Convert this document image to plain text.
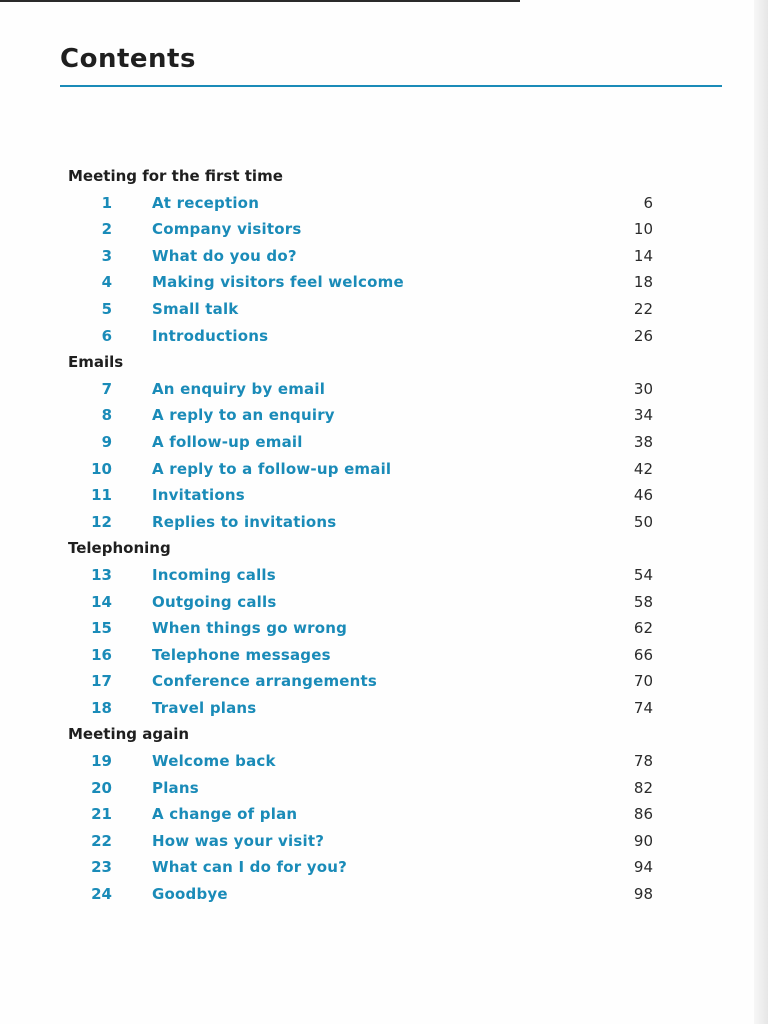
Contents
Meeting for the first time
1	At reception	6
2	Company visitors	10
3	What do you do?	14
4	Making visitors feel welcome	18
5	Small talk	22
6	Introductions	26
Emails
7	An enquiry by email	30
8	A reply to an enquiry	34
9	A follow-up email	38
10	A reply to a follow-up email	42
11	Invitations	46
12	Replies to invitations	50
Telephoning
13	Incoming calls	54
14	Outgoing calls	58
15	When things go wrong	62
16	Telephone messages	66
17	Conference arrangements	70
18	Travel plans	74
Meeting again
19	Welcome back	78
20	Plans	82
21	A change of plan	86
22	How was your visit?	90
23	What can I do for you?	94
24	Goodbye	98
